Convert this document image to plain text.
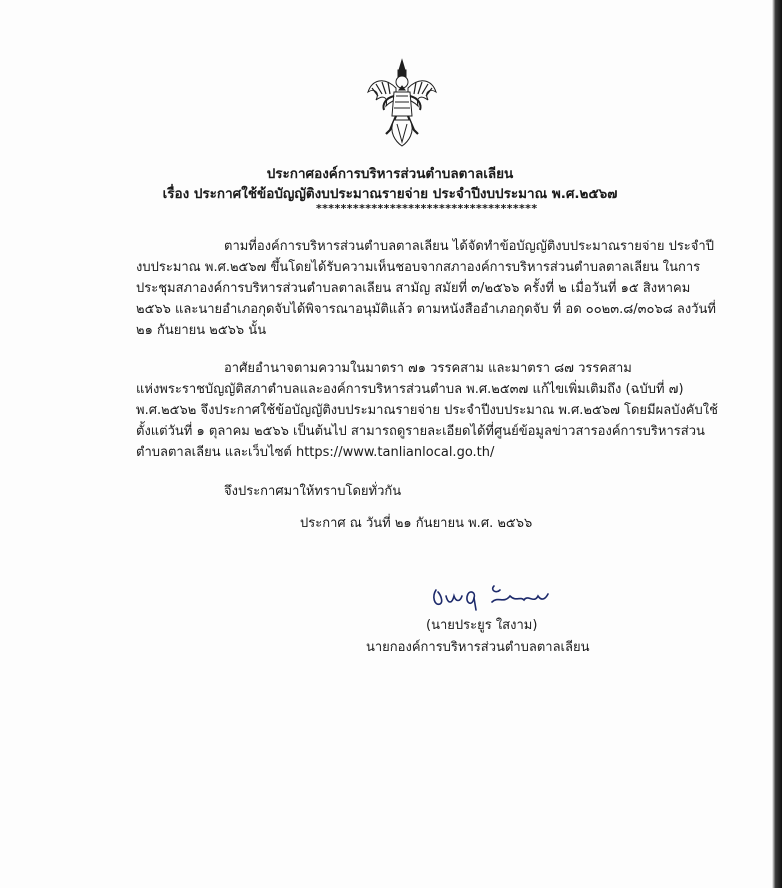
ประกาศองค์การบริหารส่วนตำบลตาลเลียน
เรื่อง ประกาศใช้ข้อบัญญัติงบประมาณรายจ่าย ประจำปีงบประมาณ พ.ศ.๒๕๖๗
************************************
ตามที่องค์การบริหารส่วนตำบลตาลเลียน ได้จัดทำข้อบัญญัติงบประมาณรายจ่าย ประจำปี
งบประมาณ พ.ศ.๒๕๖๗ ขึ้นโดยได้รับความเห็นชอบจากสภาองค์การบริหารส่วนตำบลตาลเลียน ในการ
ประชุมสภาองค์การบริหารส่วนตำบลตาลเลียน สามัญ สมัยที่ ๓/๒๕๖๖ ครั้งที่ ๒ เมื่อวันที่ ๑๕ สิงหาคม
๒๕๖๖ และนายอำเภอกุดจับได้พิจารณาอนุมัติแล้ว ตามหนังสืออำเภอกุดจับ ที่ อด ๐๐๒๓.๘/๓๐๖๘ ลงวันที่
๒๑ กันยายน ๒๕๖๖ นั้น
อาศัยอำนาจตามความในมาตรา ๗๑ วรรคสาม และมาตรา ๘๗ วรรคสาม
แห่งพระราชบัญญัติสภาตำบลและองค์การบริหารส่วนตำบล พ.ศ.๒๕๓๗ แก้ไขเพิ่มเติมถึง (ฉบับที่ ๗)
พ.ศ.๒๕๖๒ จึงประกาศใช้ข้อบัญญัติงบประมาณรายจ่าย ประจำปีงบประมาณ พ.ศ.๒๕๖๗ โดยมีผลบังคับใช้
ตั้งแต่วันที่ ๑ ตุลาคม ๒๕๖๖ เป็นต้นไป สามารถดูรายละเอียดได้ที่ศูนย์ข้อมูลข่าวสารองค์การบริหารส่วน
ตำบลตาลเลียน และเว็บไซต์ https://www.tanlianlocal.go.th/
จึงประกาศมาให้ทราบโดยทั่วกัน
ประกาศ ณ วันที่ ๒๑ กันยายน พ.ศ. ๒๕๖๖
(นายประยูร ใสงาม)
นายกองค์การบริหารส่วนตำบลตาลเลียน
